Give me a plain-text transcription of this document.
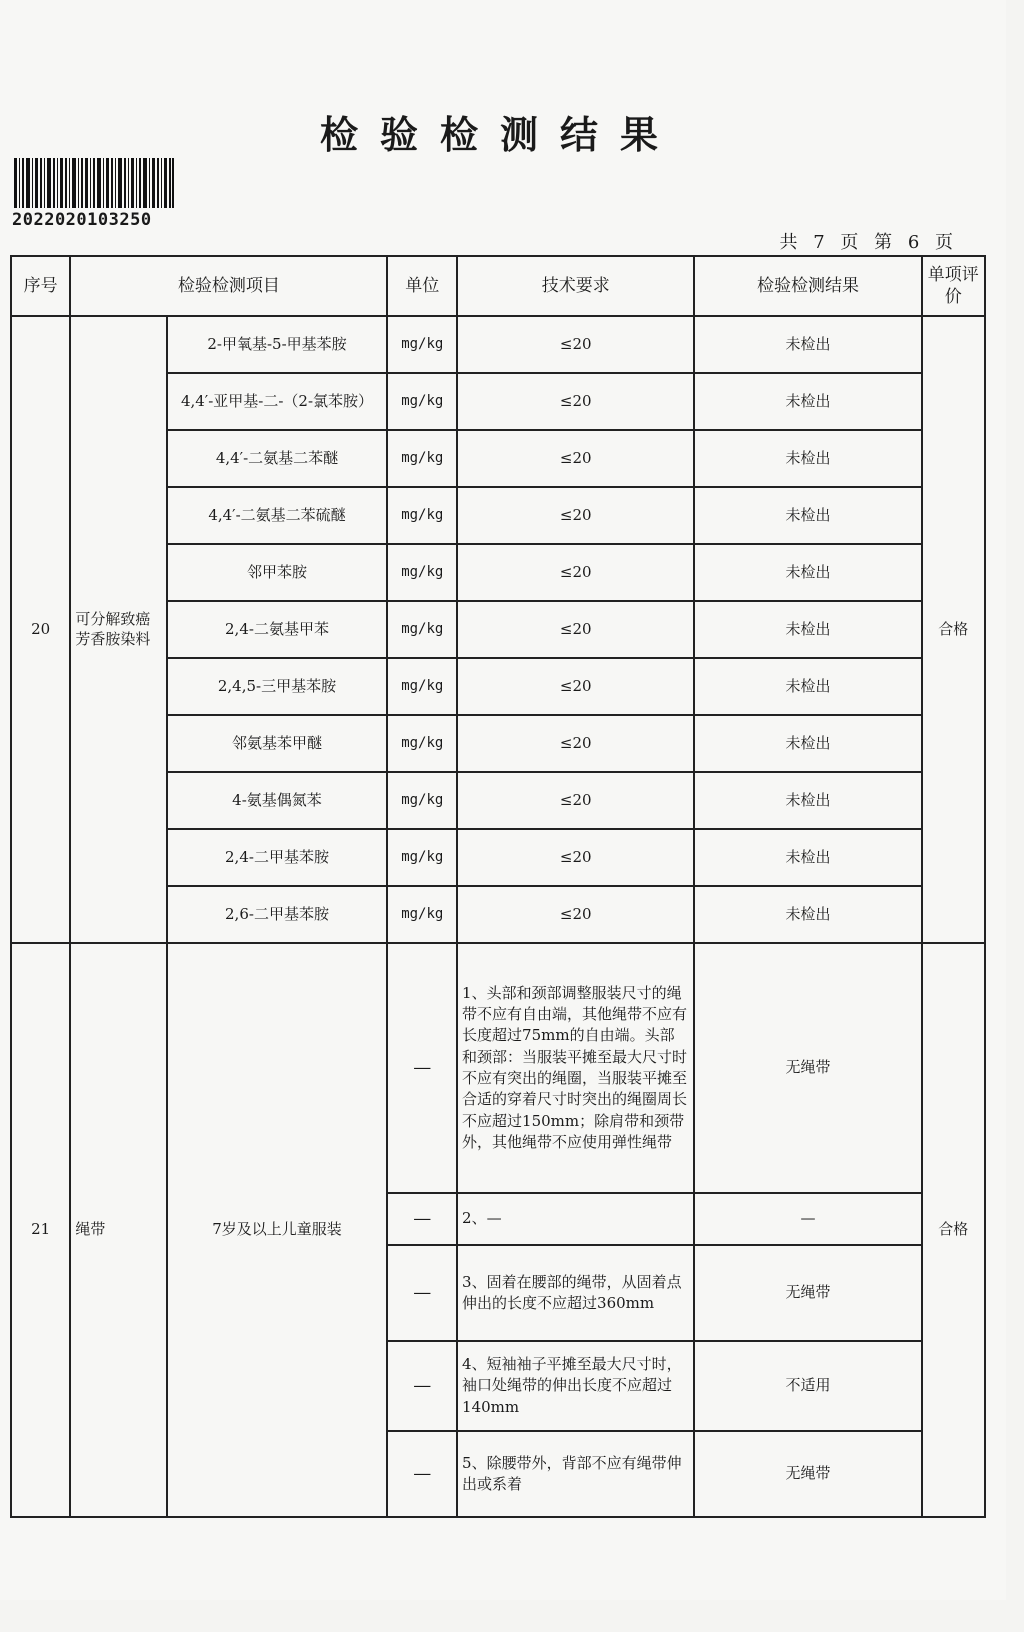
检验检测结果
2022020103250
共 7 页 第 6 页
序号	检验检测项目		单位	技术要求	检验检测结果	单项评价
20	可分解致癌芳香胺染料	2-甲氧基-5-甲基苯胺	mg/kg	≤20	未检出	合格
		4,4′-亚甲基-二-（2-氯苯胺）	mg/kg	≤20	未检出	
		4,4′-二氨基二苯醚	mg/kg	≤20	未检出	
		4,4′-二氨基二苯硫醚	mg/kg	≤20	未检出	
		邻甲苯胺	mg/kg	≤20	未检出	
		2,4-二氨基甲苯	mg/kg	≤20	未检出	
		2,4,5-三甲基苯胺	mg/kg	≤20	未检出	
		邻氨基苯甲醚	mg/kg	≤20	未检出	
		4-氨基偶氮苯	mg/kg	≤20	未检出	
		2,4-二甲基苯胺	mg/kg	≤20	未检出	
		2,6-二甲基苯胺	mg/kg	≤20	未检出	
21	绳带	7岁及以上儿童服装	—	1、头部和颈部调整服装尺寸的绳带不应有自由端，其他绳带不应有长度超过75mm的自由端。头部和颈部：当服装平摊至最大尺寸时不应有突出的绳圈，当服装平摊至合适的穿着尺寸时突出的绳圈周长不应超过150mm；除肩带和颈带外，其他绳带不应使用弹性绳带	无绳带	合格
			—	2、—	—	
			—	3、固着在腰部的绳带，从固着点伸出的长度不应超过360mm	无绳带	
			—	4、短袖袖子平摊至最大尺寸时，袖口处绳带的伸出长度不应超过140mm	不适用	
			—	5、除腰带外，背部不应有绳带伸出或系着	无绳带	
